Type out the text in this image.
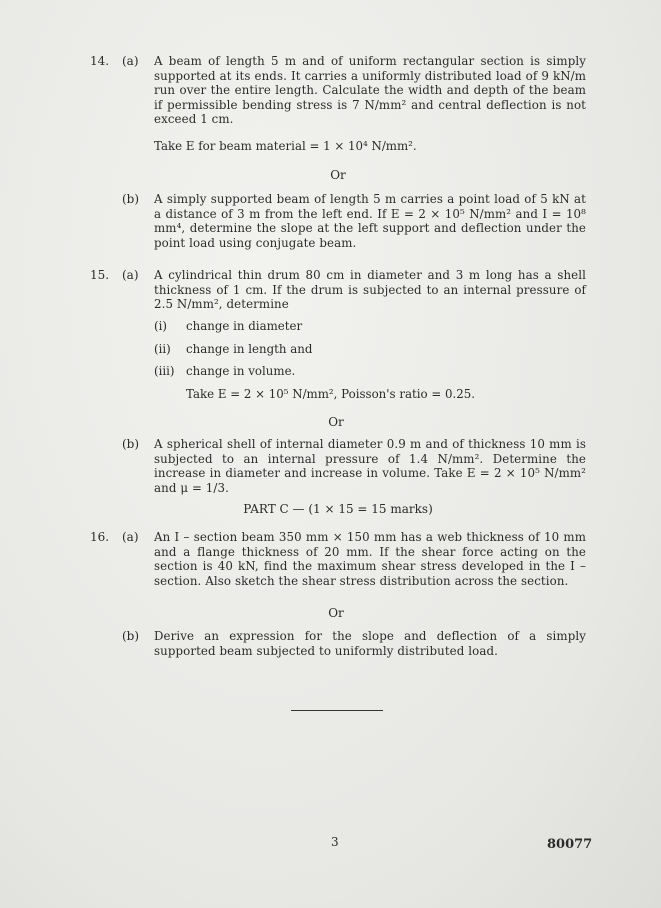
14. (a) A beam of length 5 m and of uniform rectangular section is simply supported at its ends. It carries a uniformly distributed load of 9 kN/m run over the entire length. Calculate the width and depth of the beam if permissible bending stress is 7 N/mm² and central deflection is not exceed 1 cm.
Take E for beam material = 1 × 10⁴ N/mm².
Or
(b) A simply supported beam of length 5 m carries a point load of 5 kN at a distance of 3 m from the left end. If E = 2 × 10⁵ N/mm² and I = 10⁸ mm⁴, determine the slope at the left support and deflection under the point load using conjugate beam.
15. (a) A cylindrical thin drum 80 cm in diameter and 3 m long has a shell thickness of 1 cm. If the drum is subjected to an internal pressure of 2.5 N/mm², determine
(i) change in diameter
(ii) change in length and
(iii) change in volume.
Take E = 2 × 10⁵ N/mm², Poisson's ratio = 0.25.
Or
(b) A spherical shell of internal diameter 0.9 m and of thickness 10 mm is subjected to an internal pressure of 1.4 N/mm². Determine the increase in diameter and increase in volume. Take E = 2 × 10⁵ N/mm² and μ = 1/3.
PART C — (1 × 15 = 15 marks)
16. (a) An I – section beam 350 mm × 150 mm has a web thickness of 10 mm and a flange thickness of 20 mm. If the shear force acting on the section is 40 kN, find the maximum shear stress developed in the I – section. Also sketch the shear stress distribution across the section.
Or
(b) Derive an expression for the slope and deflection of a simply supported beam subjected to uniformly distributed load.
3	80077
